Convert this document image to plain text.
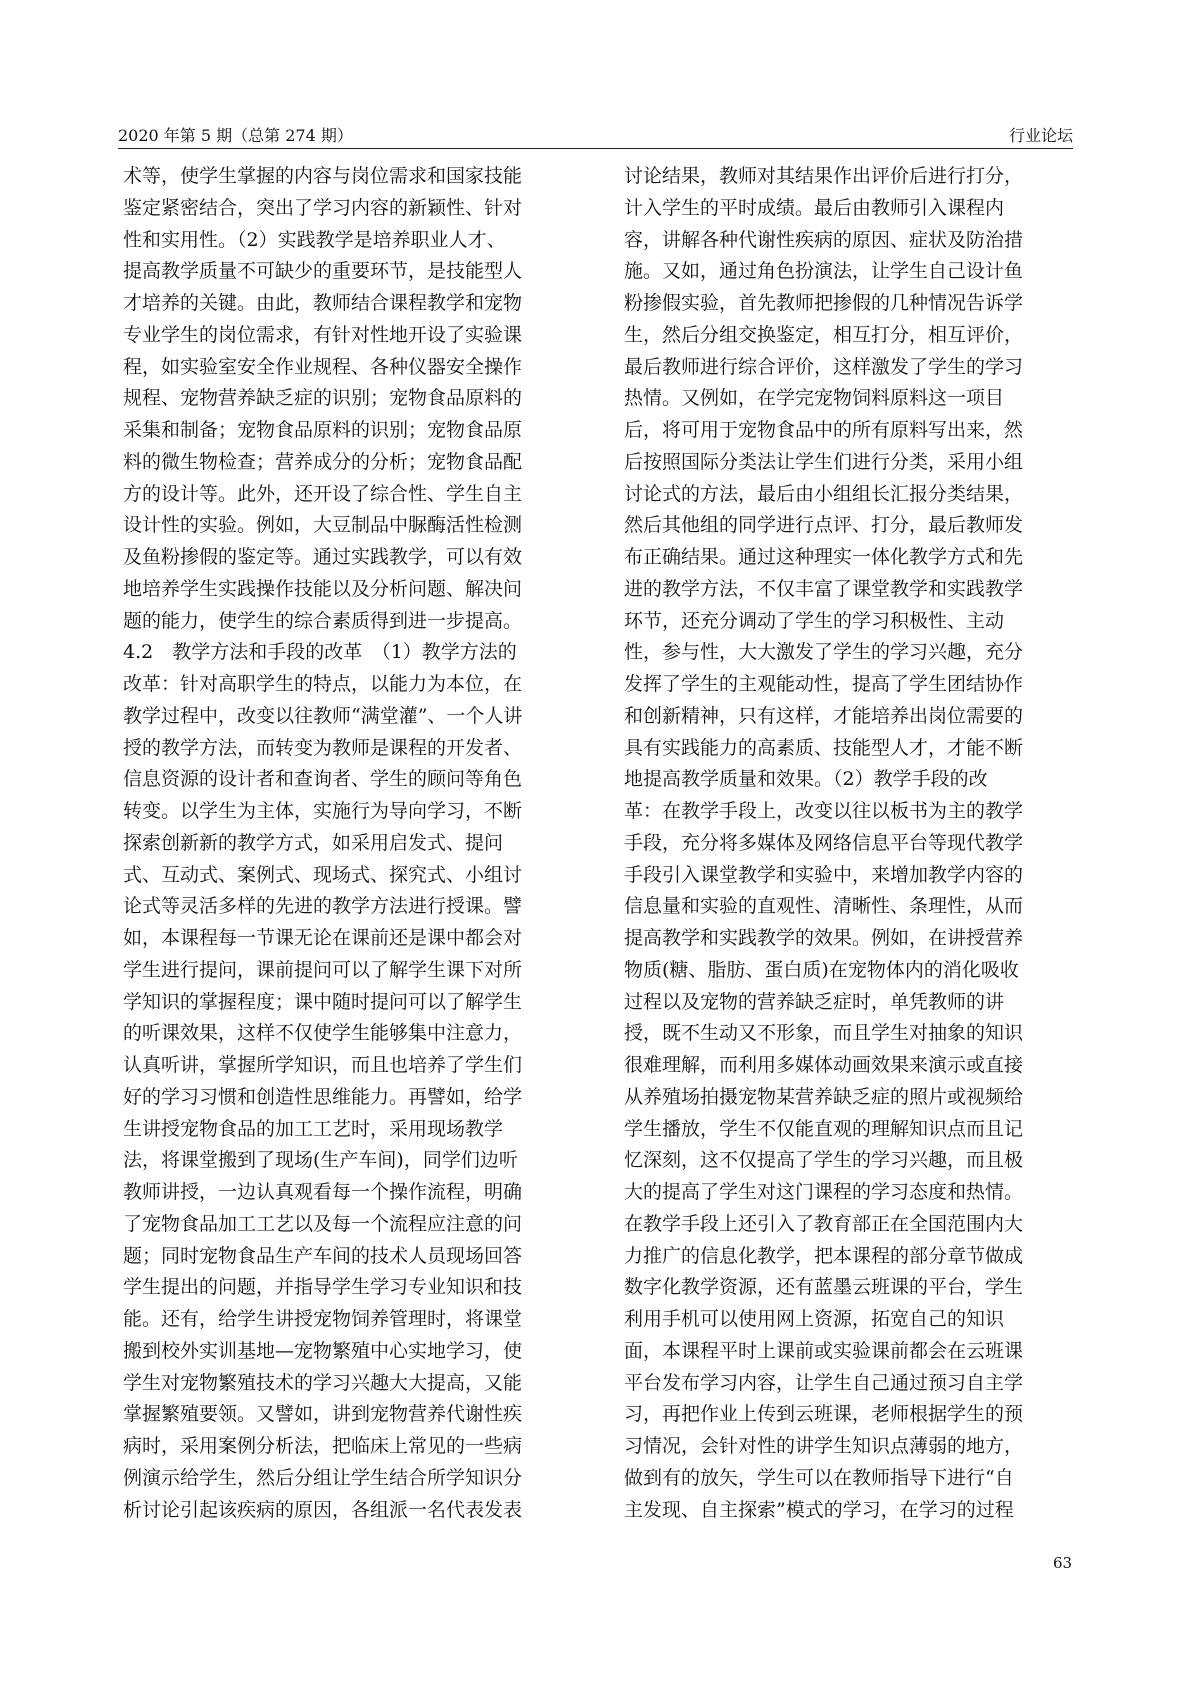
2020 年第 5 期（总第 274 期）	行业论坛
术等，使学生掌握的内容与岗位需求和国家技能
鉴定紧密结合，突出了学习内容的新颖性、针对
性和实用性。（2）实践教学是培养职业人才、
提高教学质量不可缺少的重要环节，是技能型人
才培养的关键。由此，教师结合课程教学和宠物
专业学生的岗位需求，有针对性地开设了实验课
程，如实验室安全作业规程、各种仪器安全操作
规程、宠物营养缺乏症的识别；宠物食品原料的
采集和制备；宠物食品原料的识别；宠物食品原
料的微生物检查；营养成分的分析；宠物食品配
方的设计等。此外，还开设了综合性、学生自主
设计性的实验。例如，大豆制品中脲酶活性检测
及鱼粉掺假的鉴定等。通过实践教学，可以有效
地培养学生实践操作技能以及分析问题、解决问
题的能力，使学生的综合素质得到进一步提高。
4.2　教学方法和手段的改革　（1）教学方法的
改革：针对高职学生的特点，以能力为本位，在
教学过程中，改变以往教师“满堂灌”、一个人讲
授的教学方法，而转变为教师是课程的开发者、
信息资源的设计者和查询者、学生的顾问等角色
转变。以学生为主体，实施行为导向学习，不断
探索创新新的教学方式，如采用启发式、提问
式、互动式、案例式、现场式、探究式、小组讨
论式等灵活多样的先进的教学方法进行授课。譬
如，本课程每一节课无论在课前还是课中都会对
学生进行提问，课前提问可以了解学生课下对所
学知识的掌握程度；课中随时提问可以了解学生
的听课效果，这样不仅使学生能够集中注意力，
认真听讲，掌握所学知识，而且也培养了学生们
好的学习习惯和创造性思维能力。再譬如，给学
生讲授宠物食品的加工工艺时，采用现场教学
法，将课堂搬到了现场(生产车间)，同学们边听
教师讲授，一边认真观看每一个操作流程，明确
了宠物食品加工工艺以及每一个流程应注意的问
题；同时宠物食品生产车间的技术人员现场回答
学生提出的问题，并指导学生学习专业知识和技
能。还有，给学生讲授宠物饲养管理时，将课堂
搬到校外实训基地—宠物繁殖中心实地学习，使
学生对宠物繁殖技术的学习兴趣大大提高，又能
掌握繁殖要领。又譬如，讲到宠物营养代谢性疾
病时，采用案例分析法，把临床上常见的一些病
例演示给学生，然后分组让学生结合所学知识分
析讨论引起该疾病的原因，各组派一名代表发表
讨论结果，教师对其结果作出评价后进行打分，
计入学生的平时成绩。最后由教师引入课程内
容，讲解各种代谢性疾病的原因、症状及防治措
施。又如，通过角色扮演法，让学生自己设计鱼
粉掺假实验，首先教师把掺假的几种情况告诉学
生，然后分组交换鉴定，相互打分，相互评价，
最后教师进行综合评价，这样激发了学生的学习
热情。又例如，在学完宠物饲料原料这一项目
后，将可用于宠物食品中的所有原料写出来，然
后按照国际分类法让学生们进行分类，采用小组
讨论式的方法，最后由小组组长汇报分类结果，
然后其他组的同学进行点评、打分，最后教师发
布正确结果。通过这种理实一体化教学方式和先
进的教学方法，不仅丰富了课堂教学和实践教学
环节，还充分调动了学生的学习积极性、主动
性，参与性，大大激发了学生的学习兴趣，充分
发挥了学生的主观能动性，提高了学生团结协作
和创新精神，只有这样，才能培养出岗位需要的
具有实践能力的高素质、技能型人才，才能不断
地提高教学质量和效果。（2）教学手段的改
革：在教学手段上，改变以往以板书为主的教学
手段，充分将多媒体及网络信息平台等现代教学
手段引入课堂教学和实验中，来增加教学内容的
信息量和实验的直观性、清晰性、条理性，从而
提高教学和实践教学的效果。例如，在讲授营养
物质(糖、脂肪、蛋白质)在宠物体内的消化吸收
过程以及宠物的营养缺乏症时，单凭教师的讲
授，既不生动又不形象，而且学生对抽象的知识
很难理解，而利用多媒体动画效果来演示或直接
从养殖场拍摄宠物某营养缺乏症的照片或视频给
学生播放，学生不仅能直观的理解知识点而且记
忆深刻，这不仅提高了学生的学习兴趣，而且极
大的提高了学生对这门课程的学习态度和热情。
在教学手段上还引入了教育部正在全国范围内大
力推广的信息化教学，把本课程的部分章节做成
数字化教学资源，还有蓝墨云班课的平台，学生
利用手机可以使用网上资源，拓宽自己的知识
面，本课程平时上课前或实验课前都会在云班课
平台发布学习内容，让学生自己通过预习自主学
习，再把作业上传到云班课，老师根据学生的预
习情况，会针对性的讲学生知识点薄弱的地方，
做到有的放矢，学生可以在教师指导下进行“自
主发现、自主探索”模式的学习，在学习的过程
63
